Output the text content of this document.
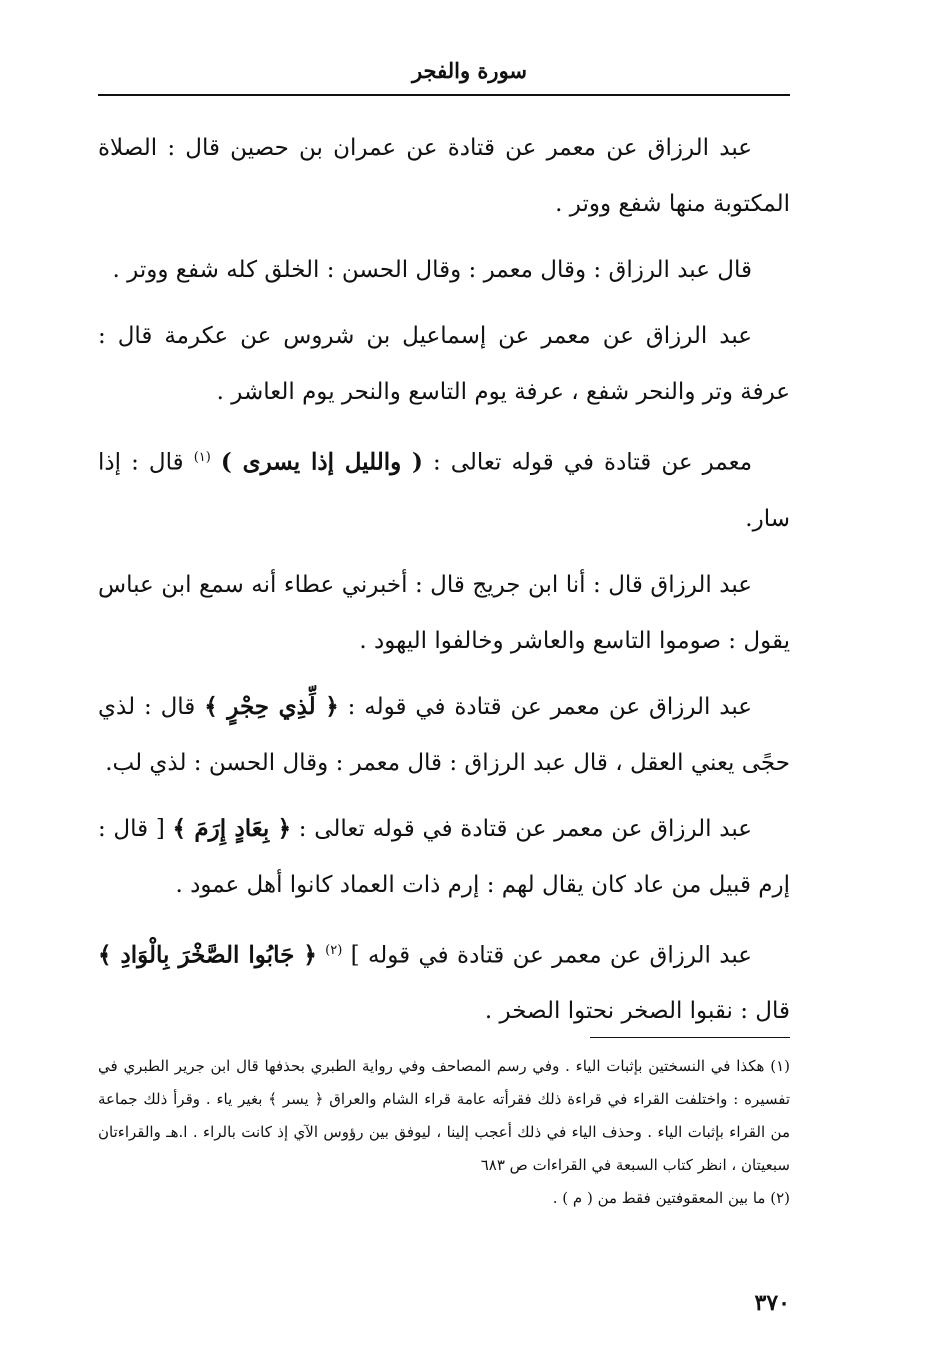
سورة والفجر

عبد الرزاق عن معمر عن قتادة عن عمران بن حصين قال : الصلاة المكتوبة منها شفع ووتر .

قال عبد الرزاق : وقال معمر : وقال الحسن : الخلق كله شفع ووتر .

عبد الرزاق عن معمر عن إسماعيل بن شروس عن عكرمة قال : عرفة وتر والنحر شفع ، عرفة يوم التاسع والنحر يوم العاشر .

معمر عن قتادة في قوله تعالى : ( والليل إذا يسرى ) $^{(١)}$ قال : إذا سار.

عبد الرزاق قال : أنا ابن جريج قال : أخبرني عطاء أنه سمع ابن عباس يقول : صوموا التاسع والعاشر وخالفوا اليهود .

عبد الرزاق عن معمر عن قتادة في قوله : ﴿ لِّذِي حِجْرٍ ﴾ قال : لذي حجًى يعني العقل ، قال عبد الرزاق : قال معمر : وقال الحسن : لذي لب.

عبد الرزاق عن معمر عن قتادة في قوله تعالى : ﴿ بِعَادٍ إِرَمَ ﴾ [ قال : إرم قبيل من عاد كان يقال لهم : إرم ذات العماد كانوا أهل عمود .

عبد الرزاق عن معمر عن قتادة في قوله ] $^{(٢)}$ ﴿ جَابُوا الصَّخْرَ بِالْوَادِ ﴾ قال : نقبوا الصخر نحتوا الصخر .

(١) هكذا في النسختين بإثبات الياء . وفي رسم المصاحف وفي رواية الطبري بحذفها قال ابن جرير الطبري في تفسيره : واختلفت القراء في قراءة ذلك فقرأته عامة قراء الشام والعراق ﴿ يسر ﴾ بغير ياء . وقرأ ذلك جماعة من القراء بإثبات الياء . وحذف الياء في ذلك أعجب إلينا ، ليوفق بين رؤوس الآي إذ كانت بالراء . ا.هـ والقراءتان سبعيتان ، انظر كتاب السبعة في القراءات ص ٦٨٣

(٢) ما بين المعقوفتين فقط من ( م ) .

٣٧٠
